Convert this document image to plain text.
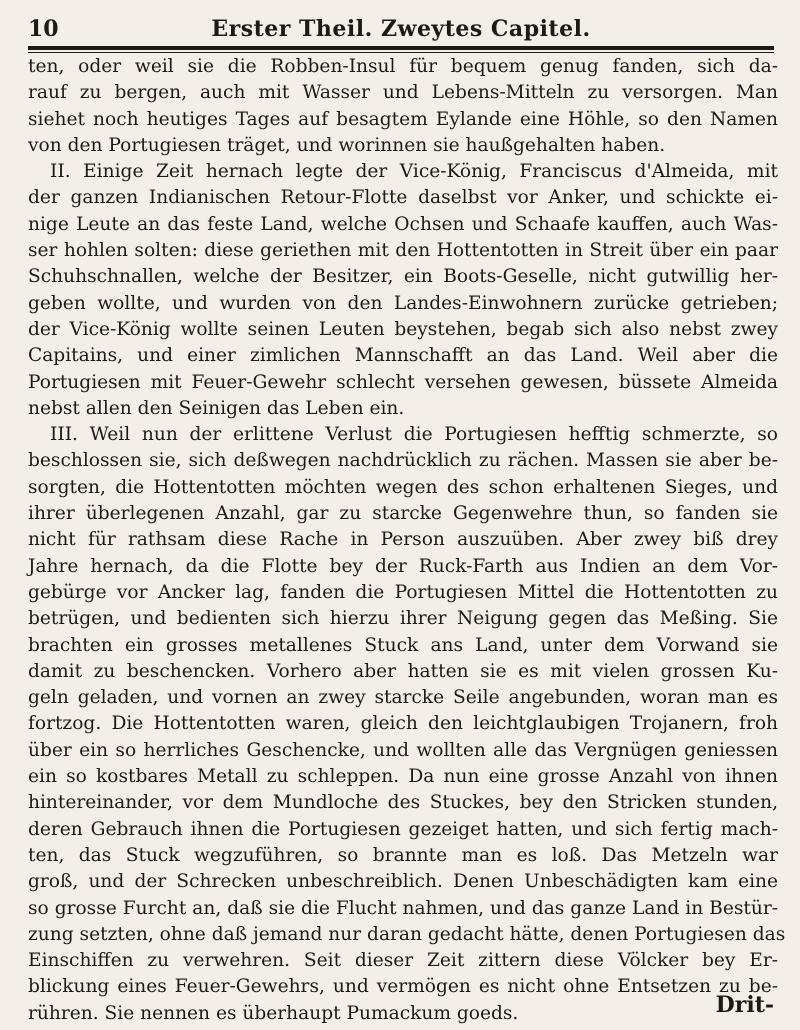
10	Erster Theil. Zweytes Capitel.
ten, oder weil sie die Robben-Insul für bequem genug fanden, sich da-
rauf zu bergen, auch mit Wasser und Lebens-Mitteln zu versorgen. Man
siehet noch heutiges Tages auf besagtem Eylande eine Höhle, so den Namen
von den Portugiesen träget, und worinnen sie haußgehalten haben.
II. Einige Zeit hernach legte der Vice-König, Franciscus d'Almeida, mit
der ganzen Indianischen Retour-Flotte daselbst vor Anker, und schickte ei-
nige Leute an das feste Land, welche Ochsen und Schaafe kauffen, auch Was-
ser hohlen solten: diese geriethen mit den Hottentotten in Streit über ein paar
Schuhschnallen, welche der Besitzer, ein Boots-Geselle, nicht gutwillig her-
geben wollte, und wurden von den Landes-Einwohnern zurücke getrieben;
der Vice-König wollte seinen Leuten beystehen, begab sich also nebst zwey
Capitains, und einer zimlichen Mannschafft an das Land. Weil aber die
Portugiesen mit Feuer-Gewehr schlecht versehen gewesen, büssete Almeida
nebst allen den Seinigen das Leben ein.
III. Weil nun der erlittene Verlust die Portugiesen hefftig schmerzte, so
beschlossen sie, sich deßwegen nachdrücklich zu rächen. Massen sie aber be-
sorgten, die Hottentotten möchten wegen des schon erhaltenen Sieges, und
ihrer überlegenen Anzahl, gar zu starcke Gegenwehre thun, so fanden sie
nicht für rathsam diese Rache in Person auszuüben. Aber zwey biß drey
Jahre hernach, da die Flotte bey der Ruck-Farth aus Indien an dem Vor-
gebürge vor Ancker lag, fanden die Portugiesen Mittel die Hottentotten zu
betrügen, und bedienten sich hierzu ihrer Neigung gegen das Meßing. Sie
brachten ein grosses metallenes Stuck ans Land, unter dem Vorwand sie
damit zu beschencken. Vorhero aber hatten sie es mit vielen grossen Ku-
geln geladen, und vornen an zwey starcke Seile angebunden, woran man es
fortzog. Die Hottentotten waren, gleich den leichtglaubigen Trojanern, froh
über ein so herrliches Geschencke, und wollten alle das Vergnügen geniessen
ein so kostbares Metall zu schleppen. Da nun eine grosse Anzahl von ihnen
hintereinander, vor dem Mundloche des Stuckes, bey den Stricken stunden,
deren Gebrauch ihnen die Portugiesen gezeiget hatten, und sich fertig mach-
ten, das Stuck wegzuführen, so brannte man es loß. Das Metzeln war
groß, und der Schrecken unbeschreiblich. Denen Unbeschädigten kam eine
so grosse Furcht an, daß sie die Flucht nahmen, und das ganze Land in Bestür-
zung setzten, ohne daß jemand nur daran gedacht hätte, denen Portugiesen das
Einschiffen zu verwehren. Seit dieser Zeit zittern diese Völcker bey Er-
blickung eines Feuer-Gewehrs, und vermögen es nicht ohne Entsetzen zu be-
rühren. Sie nennen es überhaupt Pumackum goeds.	Drit-
